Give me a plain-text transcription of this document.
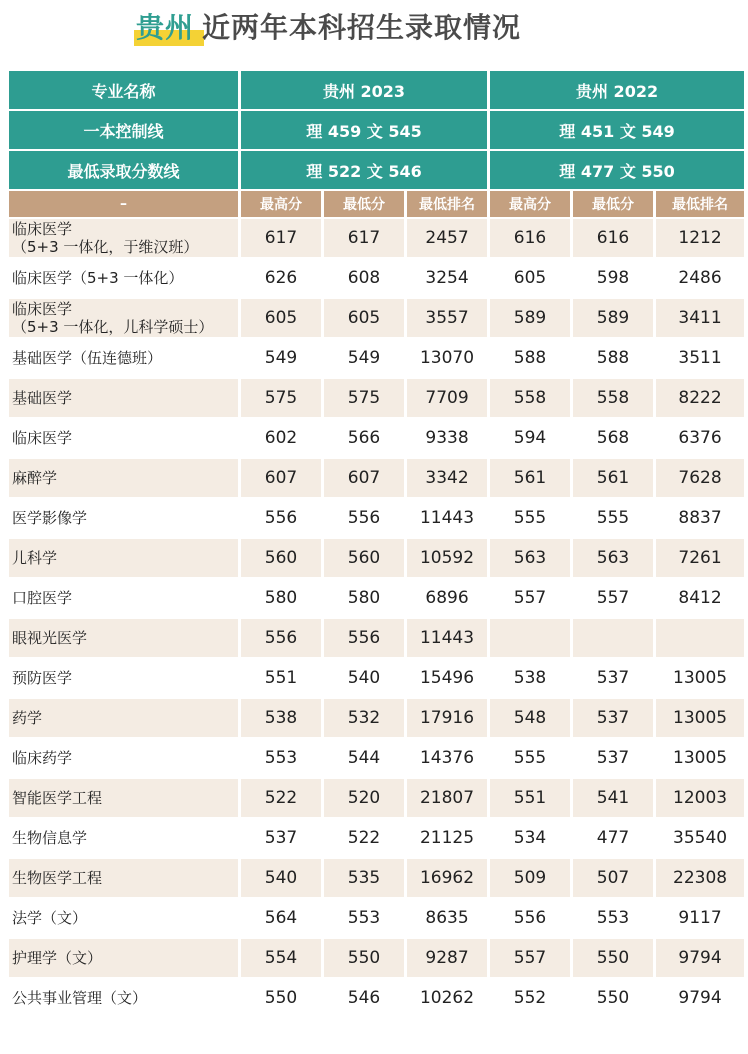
贵州 近两年本科招生录取情况
专业名称	贵州 2023			贵州 2022		
一本控制线	理 459 文 545			理 451 文 549		
最低录取分数线	理 522 文 546			理 477 文 550		
–	最高分	最低分	最低排名	最高分	最低分	最低排名

临床医学
（5+3 一体化，于维汉班）	617	617	2457	616	616	1212

临床医学（5+3 一体化）	626	608	3254	605	598	2486

临床医学
（5+3 一体化，儿科学硕士）	605	605	3557	589	589	3411

基础医学（伍连德班）	549	549	13070	588	588	3511

基础医学	575	575	7709	558	558	8222

临床医学	602	566	9338	594	568	6376

麻醉学	607	607	3342	561	561	7628

医学影像学	556	556	11443	555	555	8837

儿科学	560	560	10592	563	563	7261

口腔医学	580	580	6896	557	557	8412

眼视光医学	556	556	11443			

预防医学	551	540	15496	538	537	13005

药学	538	532	17916	548	537	13005

临床药学	553	544	14376	555	537	13005

智能医学工程	522	520	21807	551	541	12003

生物信息学	537	522	21125	534	477	35540

生物医学工程	540	535	16962	509	507	22308

法学（文）	564	553	8635	556	553	9117

护理学（文）	554	550	9287	557	550	9794

公共事业管理（文）	550	546	10262	552	550	9794
